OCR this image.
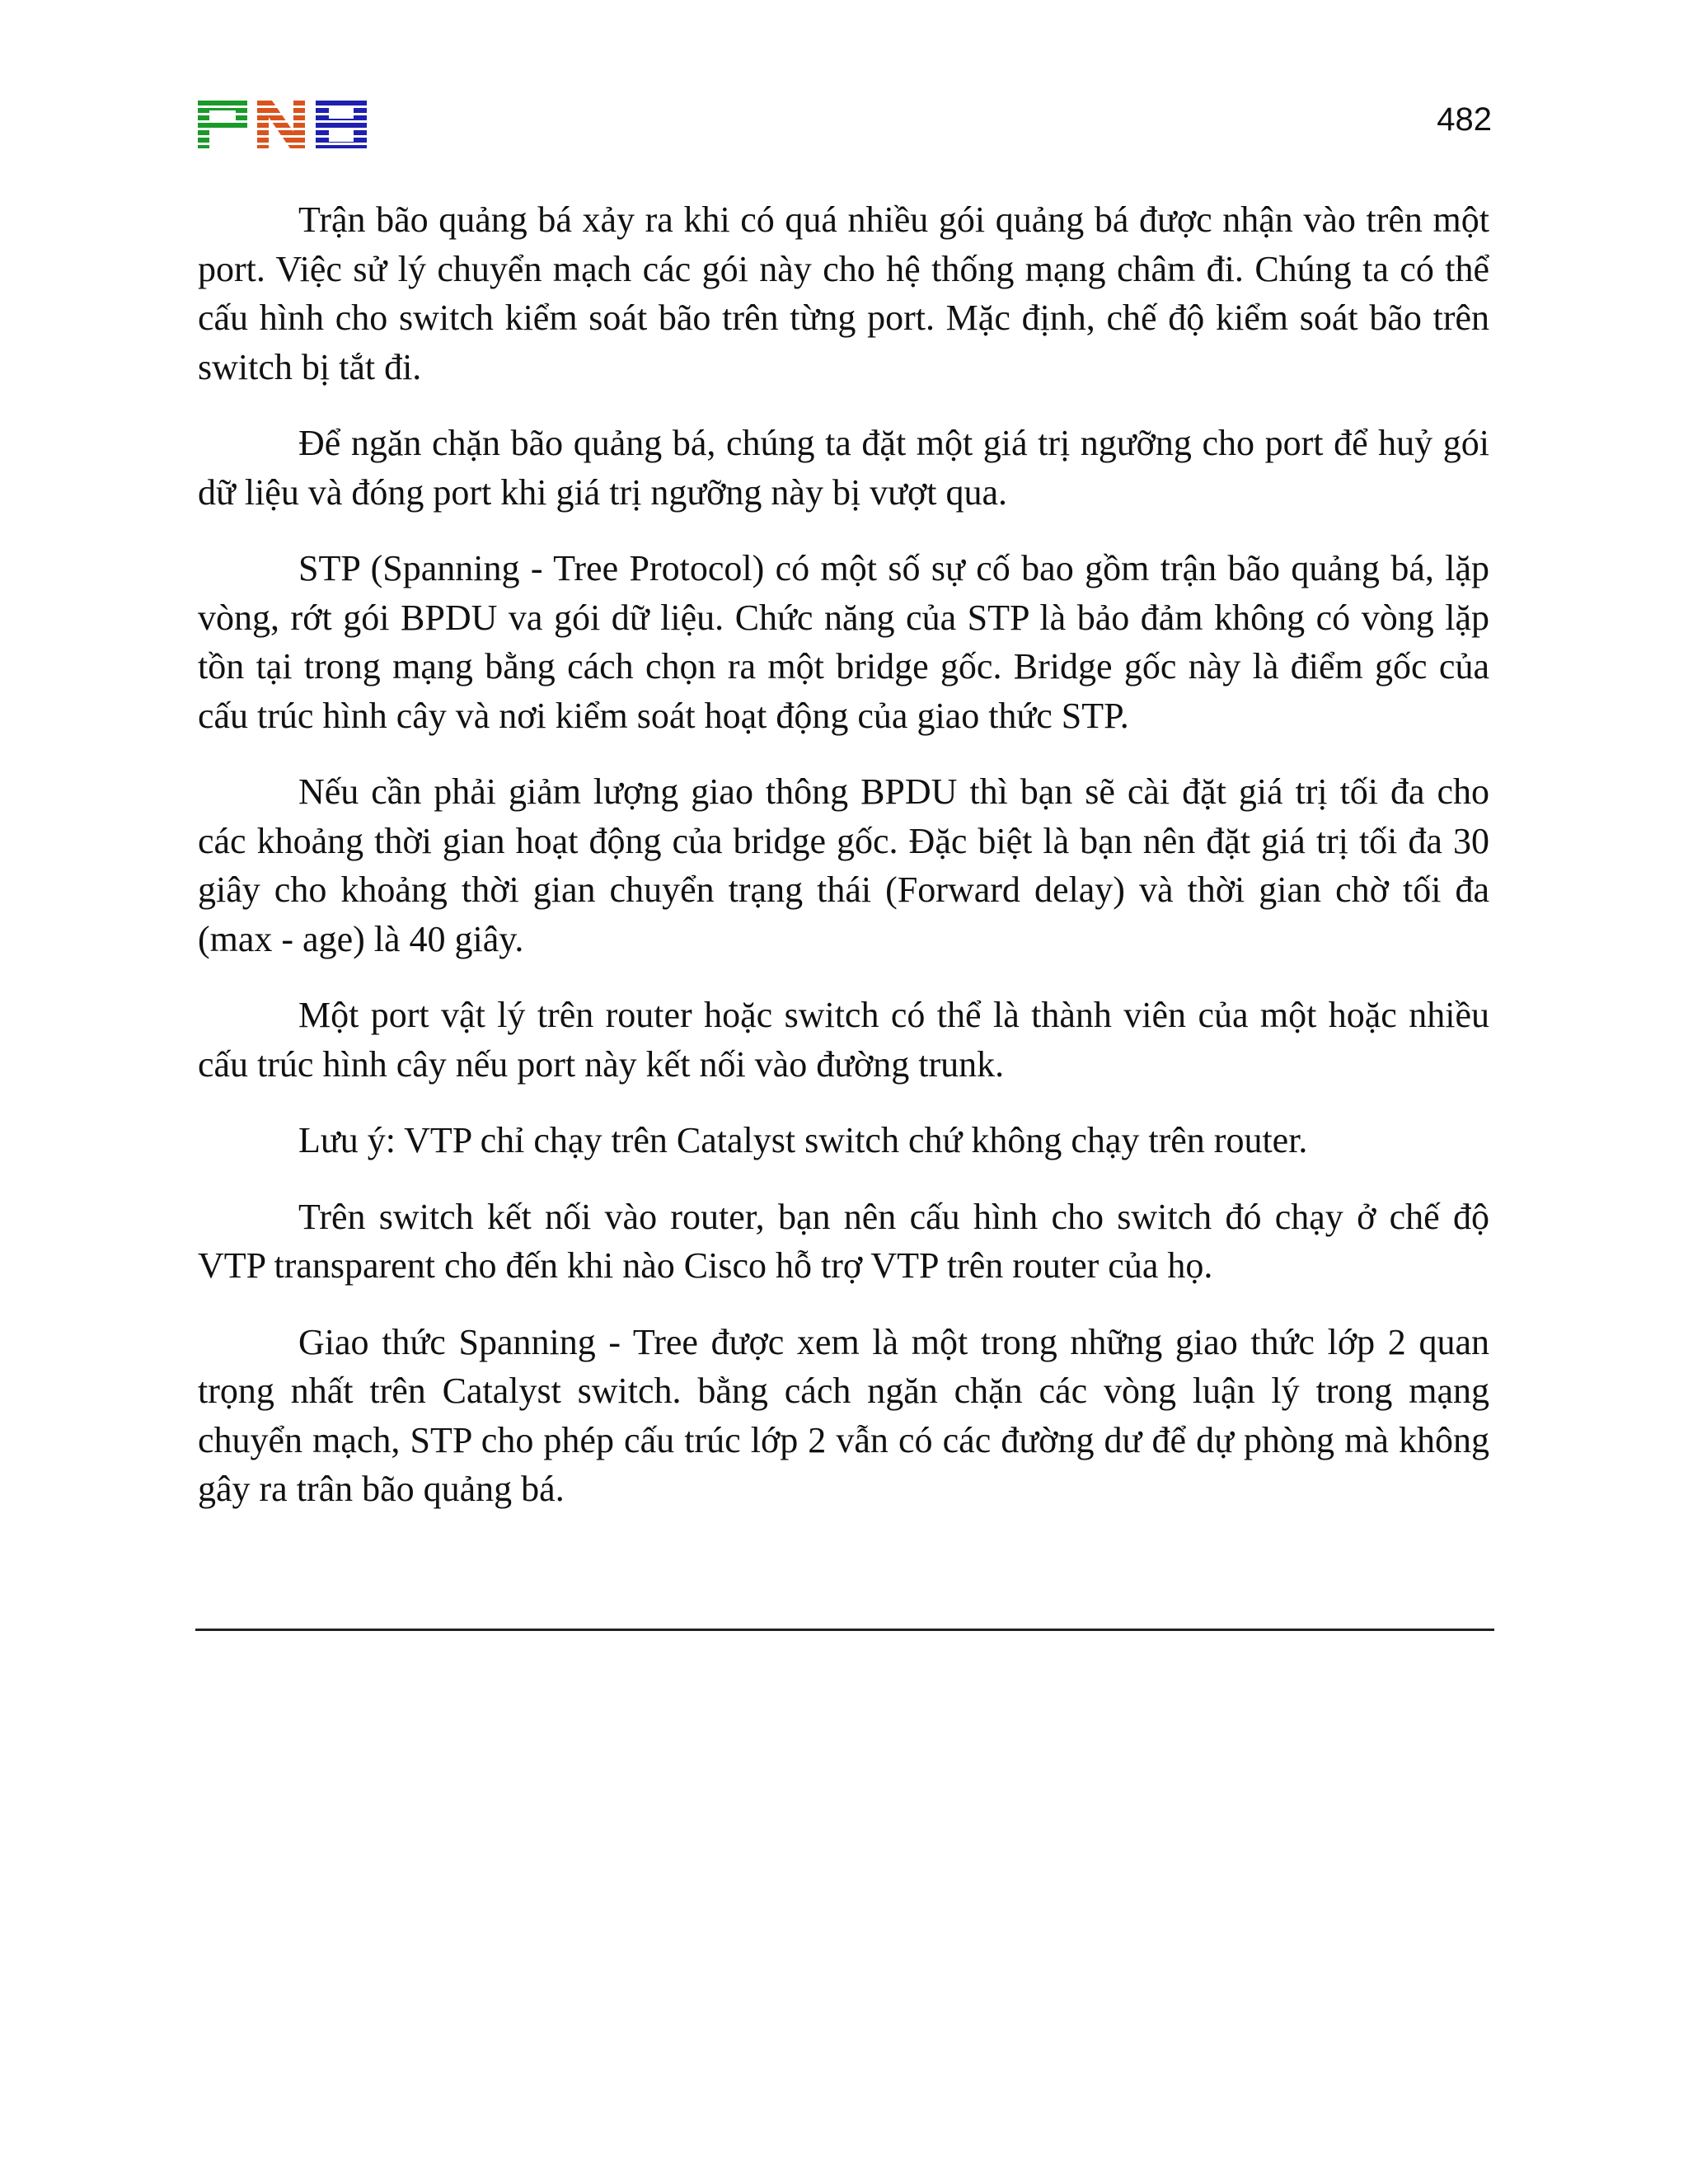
482

Trận bão quảng bá xảy ra khi có quá nhiều gói quảng bá được nhận vào trên một port. Việc sử lý chuyển mạch các gói này cho hệ thống mạng châm đi. Chúng ta có thể cấu hình cho switch kiểm soát bão trên từng port. Mặc định, chế độ kiểm soát bão trên switch bị tắt đi.

Để ngăn chặn bão quảng bá, chúng ta đặt một giá trị ngưỡng cho port để huỷ gói dữ liệu và đóng port khi giá trị ngưỡng này bị vượt qua.

STP (Spanning - Tree Protocol) có một số sự cố bao gồm trận bão quảng bá, lặp vòng, rớt gói BPDU va gói dữ liệu. Chức năng của STP là bảo đảm không có vòng lặp tồn tại trong mạng bằng cách chọn ra một bridge gốc. Bridge gốc này là điểm gốc của cấu trúc hình cây và nơi kiểm soát hoạt động của giao thức STP.

Nếu cần phải giảm lượng giao thông BPDU thì bạn sẽ cài đặt giá trị tối đa cho các khoảng thời gian hoạt động của bridge gốc. Đặc biệt là bạn nên đặt giá trị tối đa 30 giây cho khoảng thời gian chuyển trạng thái (Forward delay) và thời gian chờ tối đa (max - age) là 40 giây.

Một port vật lý trên router hoặc switch có thể là thành viên của một hoặc nhiều cấu trúc hình cây nếu port này kết nối vào đường trunk.

Lưu ý: VTP chỉ chạy trên Catalyst switch chứ không chạy trên router.

Trên switch kết nối vào router, bạn nên cấu hình cho switch đó chạy ở chế độ VTP transparent cho đến khi nào Cisco hỗ trợ VTP trên router của họ.

Giao thức Spanning - Tree được xem là một trong những giao thức lớp 2 quan trọng nhất trên Catalyst switch. bằng cách ngăn chặn các vòng luận lý trong mạng chuyển mạch, STP cho phép cấu trúc lớp 2 vẫn có các đường dư để dự phòng mà không gây ra trân bão quảng bá.
